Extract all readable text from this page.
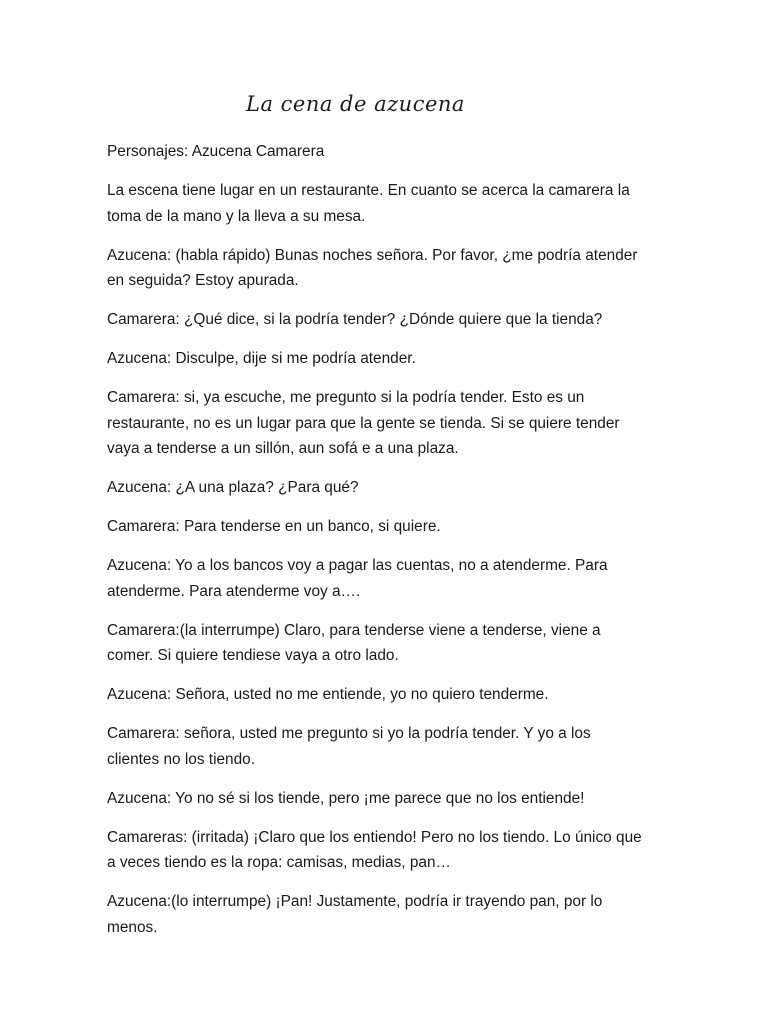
La cena de azucena

Personajes: Azucena Camarera

La escena tiene lugar en un restaurante. En cuanto se acerca la camarera la toma de la mano y la lleva a su mesa.

Azucena: (habla rápido) Bunas noches señora. Por favor, ¿me podría atender en seguida? Estoy apurada.

Camarera: ¿Qué dice, si la podría tender? ¿Dónde quiere que la tienda?

Azucena: Disculpe, dije si me podría atender.

Camarera: si, ya escuche, me pregunto si la podría tender. Esto es un restaurante, no es un lugar para que la gente se tienda. Si se quiere tender vaya a tenderse a un sillón, aun sofá e a una plaza.

Azucena: ¿A una plaza? ¿Para qué?

Camarera: Para tenderse en un banco, si quiere.

Azucena: Yo a los bancos voy a pagar las cuentas, no a atenderme. Para atenderme. Para atenderme voy a….

Camarera:(la interrumpe) Claro, para tenderse viene a tenderse, viene a comer. Si quiere tendiese vaya a otro lado.

Azucena: Señora, usted no me entiende, yo no quiero tenderme.

Camarera: señora, usted me pregunto si yo la podría tender. Y yo a los clientes no los tiendo.

Azucena: Yo no sé si los tiende, pero ¡me parece que no los entiende!

Camareras: (irritada) ¡Claro que los entiendo! Pero no los tiendo. Lo único que a veces tiendo es la ropa: camisas, medias, pan…

Azucena:(lo interrumpe) ¡Pan! Justamente, podría ir trayendo pan, por lo menos.
